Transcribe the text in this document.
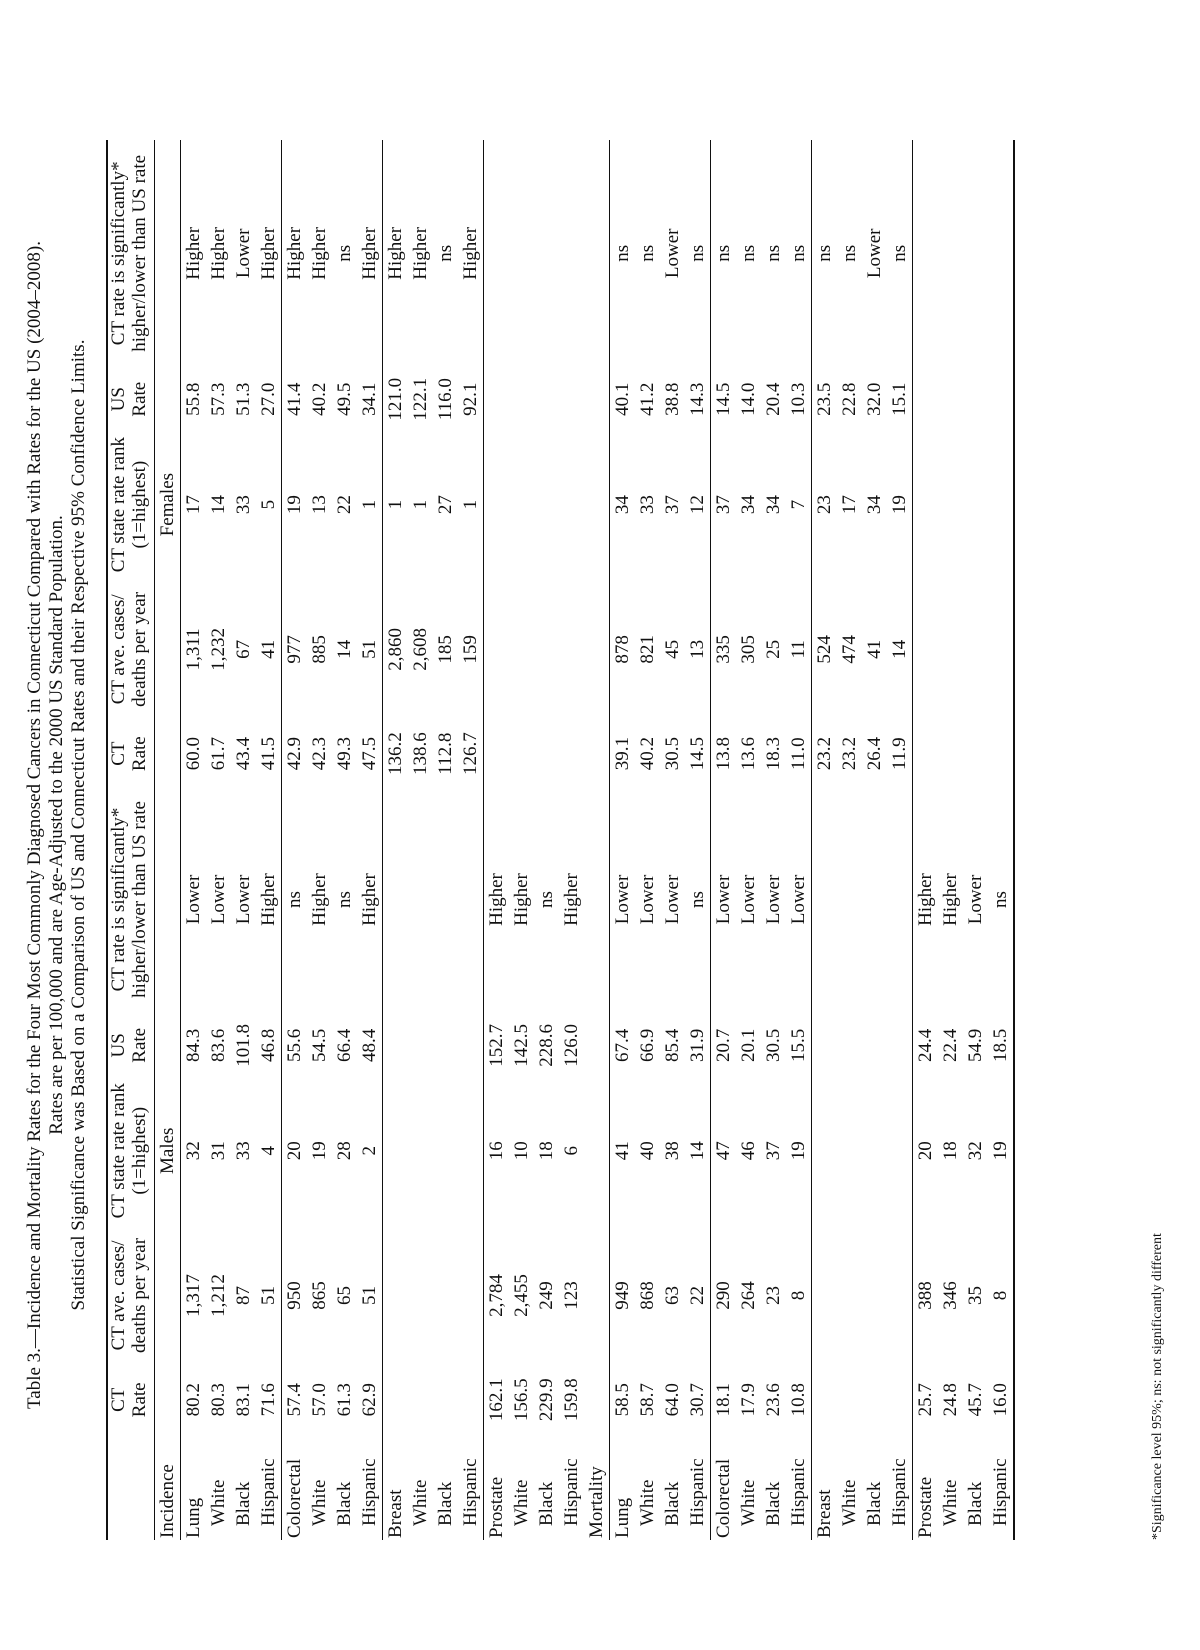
Table 3.—Incidence and Mortality Rates for the Four Most Commonly Diagnosed Cancers in Connecticut Compared with Rates for the US (2004–2008). Rates are per 100,000 and are Age-Adjusted to the 2000 US Standard Population. Statistical Significance was Based on a Comparison of US and Connecticut Rates and their Respective 95% Confidence Limits.
	CT
Rate	CT ave. cases/
deaths per year	CT state rate rank
(1=highest)	US
Rate	CT rate is significantly*
higher/lower than US rate	CT
Rate	CT ave. cases/
deaths per year	CT state rate rank
(1=highest)	US
Rate	CT rate is significantly*
higher/lower than US rate
Incidence			Males					Females		
Lung	80.2	1,317	32	84.3	Lower	60.0	1,311	17	55.8	Higher
White	80.3	1,212	31	83.6	Lower	61.7	1,232	14	57.3	Higher
Black	83.1	87	33	101.8	Lower	43.4	67	33	51.3	Lower
Hispanic	71.6	51	4	46.8	Higher	41.5	41	5	27.0	Higher
Colorectal	57.4	950	20	55.6	ns	42.9	977	19	41.4	Higher
White	57.0	865	19	54.5	Higher	42.3	885	13	40.2	Higher
Black	61.3	65	28	66.4	ns	49.3	14	22	49.5	ns
Hispanic	62.9	51	2	48.4	Higher	47.5	51	1	34.1	Higher
Breast						136.2	2,860	1	121.0	Higher
White						138.6	2,608	1	122.1	Higher
Black						112.8	185	27	116.0	ns
Hispanic						126.7	159	1	92.1	Higher
Prostate	162.1	2,784	16	152.7	Higher					
White	156.5	2,455	10	142.5	Higher					
Black	229.9	249	18	228.6	ns					
Hispanic	159.8	123	6	126.0	Higher					
Mortality										
Lung	58.5	949	41	67.4	Lower	39.1	878	34	40.1	ns
White	58.7	868	40	66.9	Lower	40.2	821	33	41.2	ns
Black	64.0	63	38	85.4	Lower	30.5	45	37	38.8	Lower
Hispanic	30.7	22	14	31.9	ns	14.5	13	12	14.3	ns
Colorectal	18.1	290	47	20.7	Lower	13.8	335	37	14.5	ns
White	17.9	264	46	20.1	Lower	13.6	305	34	14.0	ns
Black	23.6	23	37	30.5	Lower	18.3	25	34	20.4	ns
Hispanic	10.8	8	19	15.5	Lower	11.0	11	7	10.3	ns
Breast						23.2	524	23	23.5	ns
White						23.2	474	17	22.8	ns
Black						26.4	41	34	32.0	Lower
Hispanic						11.9	14	19	15.1	ns
Prostate	25.7	388	20	24.4	Higher					
White	24.8	346	18	22.4	Higher					
Black	45.7	35	32	54.9	Lower					
Hispanic	16.0	8	19	18.5	ns					
*Significance level 95%; ns: not significantly different
